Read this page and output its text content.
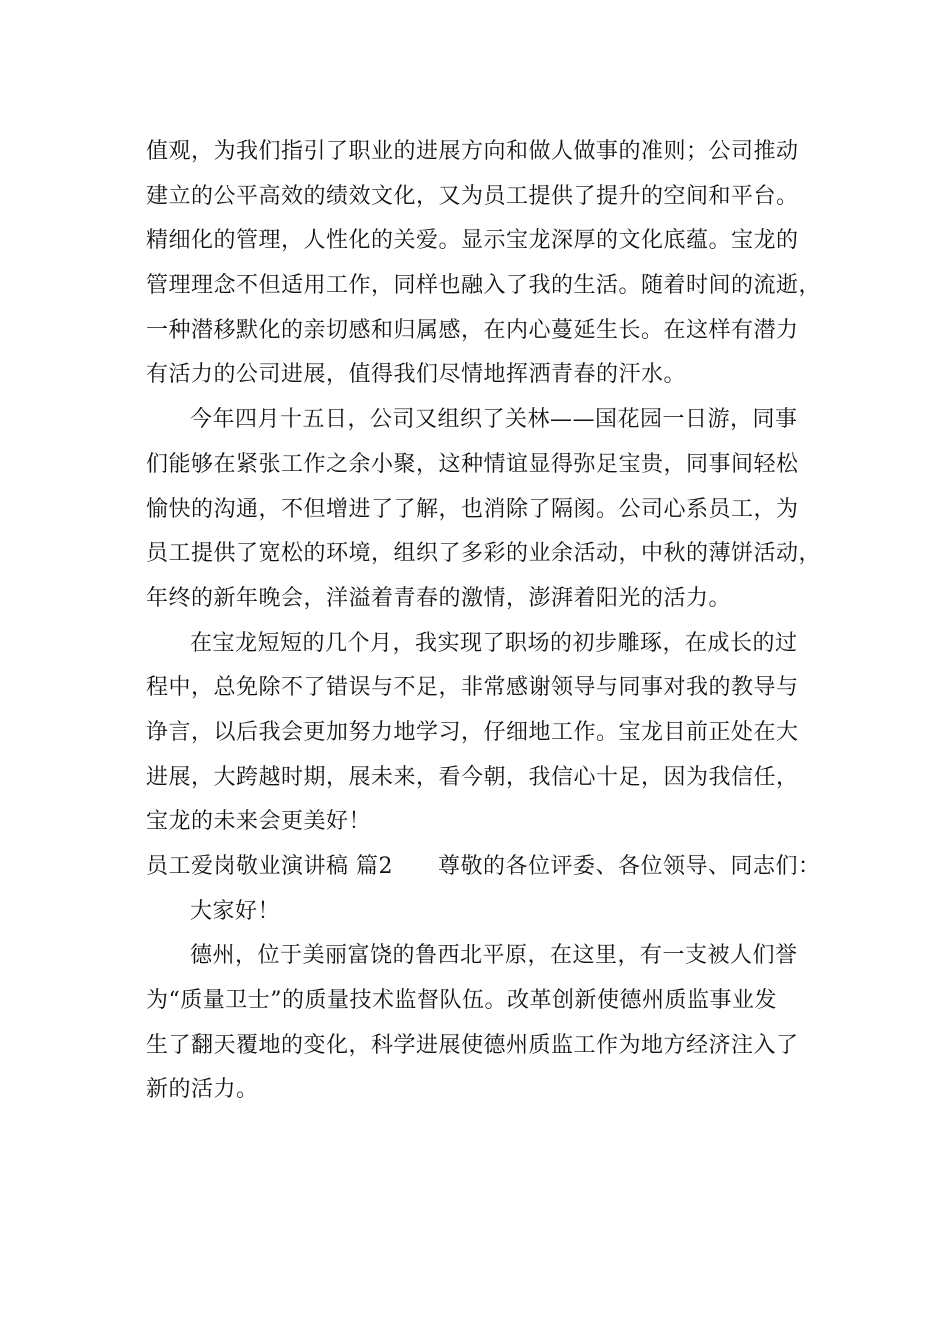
值观，为我们指引了职业的进展方向和做人做事的准则；公司推动
建立的公平高效的绩效文化，又为员工提供了提升的空间和平台。
精细化的管理，人性化的关爱。显示宝龙深厚的文化底蕴。宝龙的
管理理念不但适用工作，同样也融入了我的生活。随着时间的流逝，
一种潜移默化的亲切感和归属感，在内心蔓延生长。在这样有潜力
有活力的公司进展，值得我们尽情地挥洒青春的汗水。
今年四月十五日，公司又组织了关林——国花园一日游，同事
们能够在紧张工作之余小聚，这种情谊显得弥足宝贵，同事间轻松
愉快的沟通，不但增进了了解，也消除了隔阂。公司心系员工，为
员工提供了宽松的环境，组织了多彩的业余活动，中秋的薄饼活动，
年终的新年晚会，洋溢着青春的激情，澎湃着阳光的活力。
在宝龙短短的几个月，我实现了职场的初步雕琢，在成长的过
程中，总免除不了错误与不足，非常感谢领导与同事对我的教导与
诤言，以后我会更加努力地学习，仔细地工作。宝龙目前正处在大
进展，大跨越时期，展未来，看今朝，我信心十足，因为我信任，
宝龙的未来会更美好！
员工爱岗敬业演讲稿 篇2      尊敬的各位评委、各位领导、同志们：
大家好！
德州，位于美丽富饶的鲁西北平原，在这里，有一支被人们誉
为“质量卫士”的质量技术监督队伍。改革创新使德州质监事业发
生了翻天覆地的变化，科学进展使德州质监工作为地方经济注入了
新的活力。
